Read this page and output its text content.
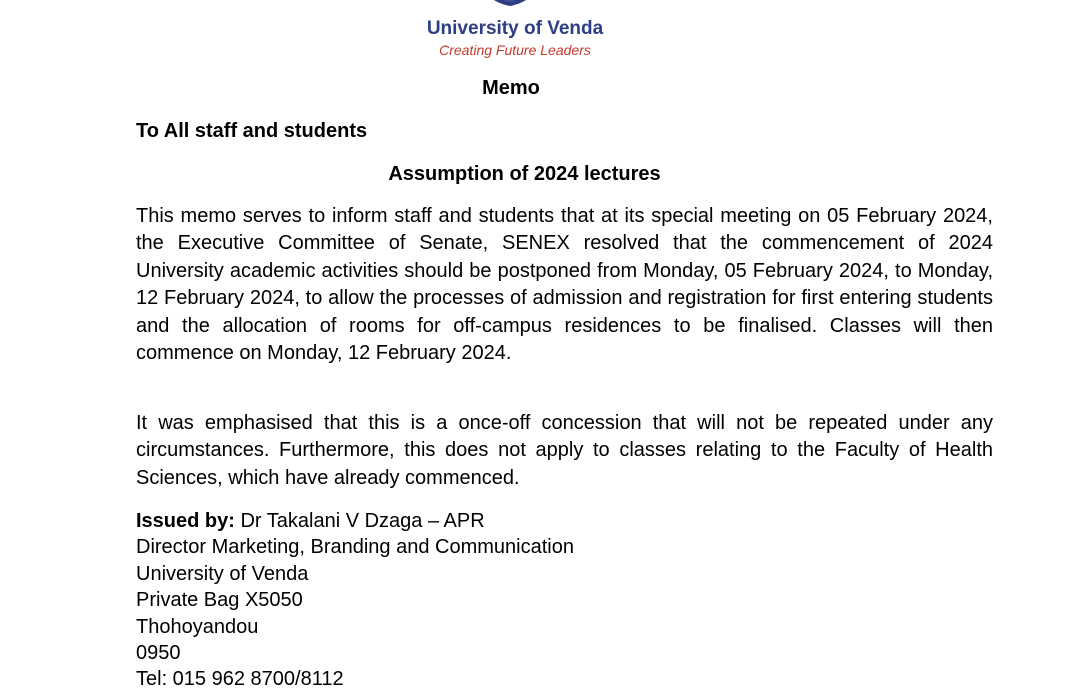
University of Venda
Creating Future Leaders
Memo
To All staff and students
Assumption of 2024 lectures

This memo serves to inform staff and students that at its special meeting on 05 February 2024, the Executive Committee of Senate, SENEX resolved that the commencement of 2024 University academic activities should be postponed from Monday, 05 February 2024, to Monday, 12 February 2024, to allow the processes of admission and registration for first entering students and the allocation of rooms for off-campus residences to be finalised. Classes will then commence on Monday, 12 February 2024.

It was emphasised that this is a once-off concession that will not be repeated under any circumstances. Furthermore, this does not apply to classes relating to the Faculty of Health Sciences, which have already commenced.

Issued by: Dr Takalani V Dzaga – APR
Director Marketing, Branding and Communication
University of Venda
Private Bag X5050
Thohoyandou
0950
Tel: 015 962 8700/8112
